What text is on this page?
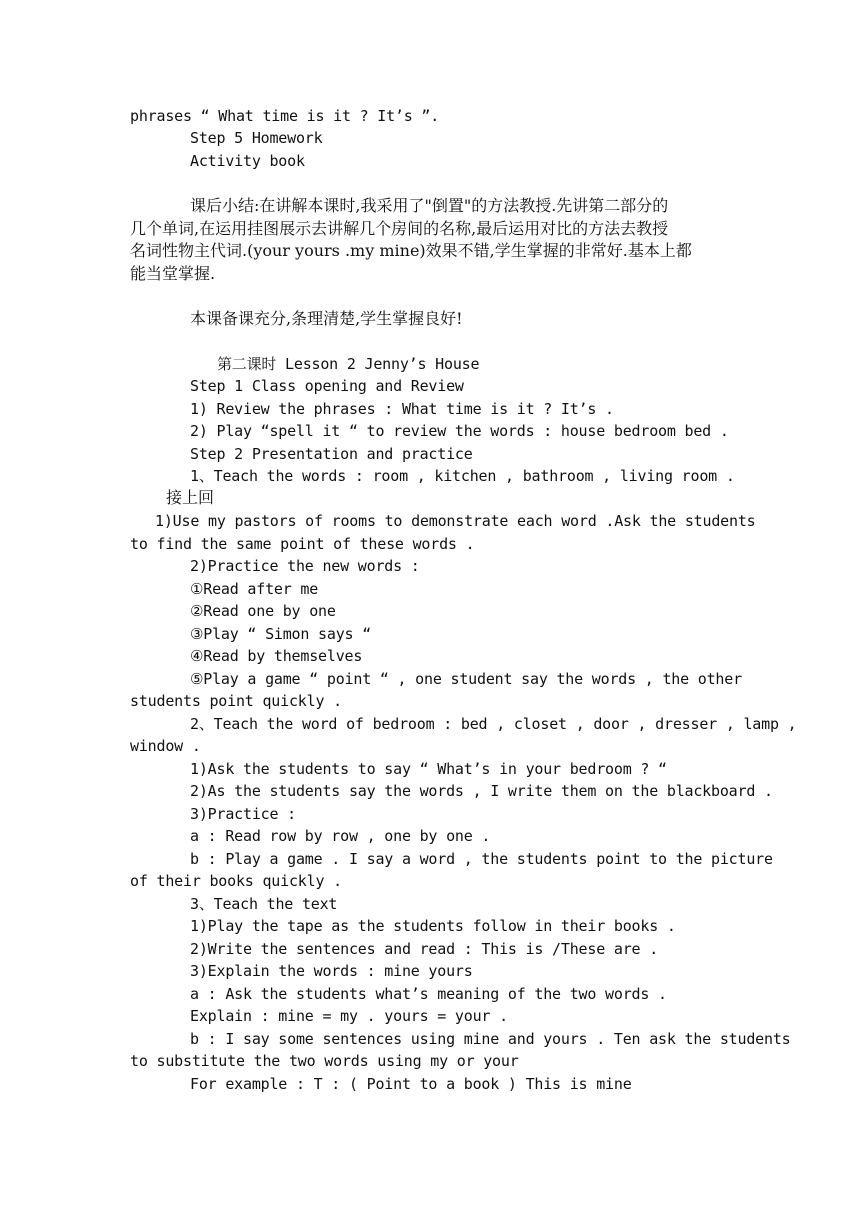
phrases “ What time is it ? It’s ”.
Step 5 Homework
Activity book
课后小结:在讲解本课时,我采用了"倒置"的方法教授.先讲第二部分的
几个单词,在运用挂图展示去讲解几个房间的名称,最后运用对比的方法去教授
名词性物主代词.(your yours .my mine)效果不错,学生掌握的非常好.基本上都
能当堂掌握.
本课备课充分,条理清楚,学生掌握良好!
第二课时 Lesson 2 Jenny’s House
Step 1 Class opening and Review
1) Review the phrases : What time is it ? It’s .
2) Play “spell it “ to review the words : house bedroom bed .
Step 2 Presentation and practice
1、Teach the words : room , kitchen , bathroom , living room .
接上回
1)Use my pastors of rooms to demonstrate each word .Ask the students
to find the same point of these words .
2)Practice the new words :
①Read after me
②Read one by one
③Play “ Simon says “
④Read by themselves
⑤Play a game “ point “ , one student say the words , the other
students point quickly .
2、Teach the word of bedroom : bed , closet , door , dresser , lamp ,
window .
1)Ask the students to say “ What’s in your bedroom ? “
2)As the students say the words , I write them on the blackboard .
3)Practice :
a : Read row by row , one by one .
b : Play a game . I say a word , the students point to the picture
of their books quickly .
3、Teach the text
1)Play the tape as the students follow in their books .
2)Write the sentences and read : This is /These are .
3)Explain the words : mine yours
a : Ask the students what’s meaning of the two words .
Explain : mine = my . yours = your .
b : I say some sentences using mine and yours . Ten ask the students
to substitute the two words using my or your
For example : T : ( Point to a book ) This is mine
